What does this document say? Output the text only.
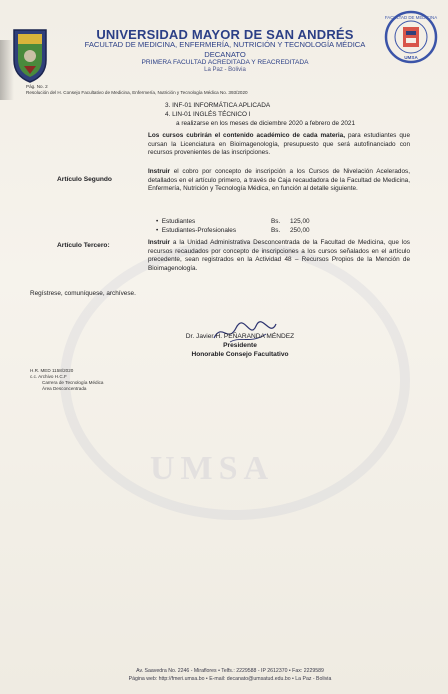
UMSA
FACULTAD DE MEDICINA
UMSA
UNIVERSIDAD MAYOR DE SAN ANDRÉS
FACULTAD DE MEDICINA, ENFERMERÍA, NUTRICIÓN Y TECNOLOGÍA MÉDICA
DECANATO
PRIMERA FACULTAD ACREDITADA Y REACREDITADA
La Paz - Bolivia
Pág. No. 2
Resolución del H. Consejo Facultativo de Medicina, Enfermería, Nutrición y Tecnología Médica No. 393/2020
3. INF-01 INFORMÁTICA APLICADA
4. LIN-01 INGLÉS TÉCNICO I
a realizarse en los meses de diciembre 2020 a febrero de 2021
Los cursos cubrirán el contenido académico de cada materia, para estudiantes que cursan la Licenciatura en Bioimagenología, presupuesto que será autofinanciado con recursos provenientes de las inscripciones.
Artículo Segundo
Instruir el cobro por concepto de inscripción a los Cursos de Nivelación Acelerados, detallados en el artículo primero, a través de Caja recaudadora de la Facultad de Medicina, Enfermería, Nutrición y Tecnología Médica, en función al detalle siguiente.
•  Estudiantes	Bs. 125,00
•  Estudiantes-Profesionales	Bs. 250,00
Artículo Tercero:	Instruir a la Unidad Administrativa Desconcentrada de la Facultad de Medicina, que los recursos recaudados por concepto de inscripciones a los cursos señalados en el artículo precedente, sean registrados en la Actividad 48 – Recursos Propios de la Mención de Bioimagenología.
Regístrese, comuníquese, archívese.
Dr. Javier H. PEÑARANDA MÉNDEZ
Presidente
Honorable Consejo Facultativo
H.R. MED 1158/2020
c.c. Archivo H.C.F
Carrera de Tecnología Médica
Área Desconcentrada
Av. Saavedra No. 2246 - Miraflores • Telfs.: 2229588 - IP 2612370 • Fax: 2229589
Página web: http://fmeri.umsa.bo • E-mail: decanato@umsatud.edu.bo • La Paz - Bolivia
